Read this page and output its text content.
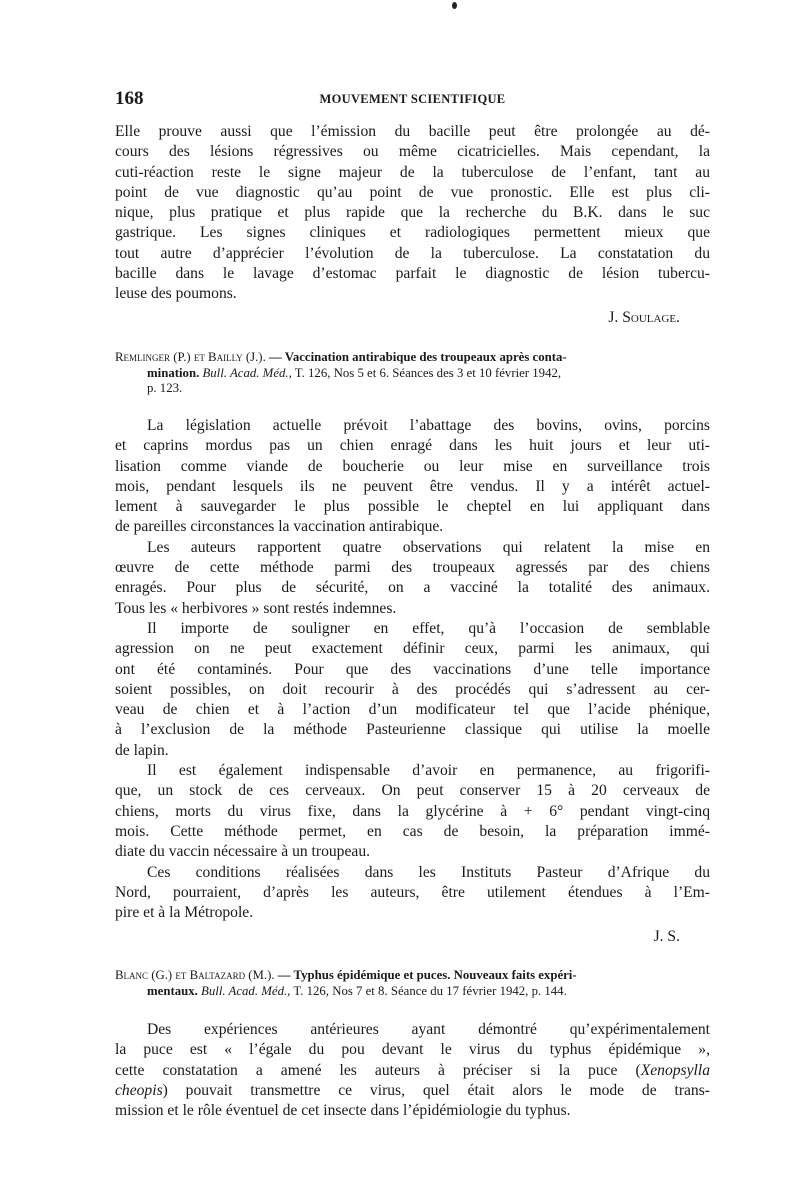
168	MOUVEMENT SCIENTIFIQUE
Elle prouve aussi que l’émission du bacille peut être prolongée au dé-
cours des lésions régressives ou même cicatricielles. Mais cependant, la
cuti-réaction reste le signe majeur de la tuberculose de l’enfant, tant au
point de vue diagnostic qu’au point de vue pronostic. Elle est plus cli-
nique, plus pratique et plus rapide que la recherche du B.K. dans le suc
gastrique. Les signes cliniques et radiologiques permettent mieux que
tout autre d’apprécier l’évolution de la tuberculose. La constatation du
bacille dans le lavage d’estomac parfait le diagnostic de lésion tubercu-
leuse des poumons.
J. Soulage.
Remlinger (P.) et Bailly (J.). — Vaccination antirabique des troupeaux après conta-
mination. Bull. Acad. Méd., T. 126, Nos 5 et 6. Séances des 3 et 10 février 1942,
p. 123.
La législation actuelle prévoit l’abattage des bovins, ovins, porcins
et caprins mordus pas un chien enragé dans les huit jours et leur uti-
lisation comme viande de boucherie ou leur mise en surveillance trois
mois, pendant lesquels ils ne peuvent être vendus. Il y a intérêt actuel-
lement à sauvegarder le plus possible le cheptel en lui appliquant dans
de pareilles circonstances la vaccination antirabique.
Les auteurs rapportent quatre observations qui relatent la mise en
œuvre de cette méthode parmi des troupeaux agressés par des chiens
enragés. Pour plus de sécurité, on a vacciné la totalité des animaux.
Tous les « herbivores » sont restés indemnes.
Il importe de souligner en effet, qu’à l’occasion de semblable
agression on ne peut exactement définir ceux, parmi les animaux, qui
ont été contaminés. Pour que des vaccinations d’une telle importance
soient possibles, on doit recourir à des procédés qui s’adressent au cer-
veau de chien et à l’action d’un modificateur tel que l’acide phénique,
à l’exclusion de la méthode Pasteurienne classique qui utilise la moelle
de lapin.
Il est également indispensable d’avoir en permanence, au frigorifi-
que, un stock de ces cerveaux. On peut conserver 15 à 20 cerveaux de
chiens, morts du virus fixe, dans la glycérine à + 6° pendant vingt-cinq
mois. Cette méthode permet, en cas de besoin, la préparation immé-
diate du vaccin nécessaire à un troupeau.
Ces conditions réalisées dans les Instituts Pasteur d’Afrique du
Nord, pourraient, d’après les auteurs, être utilement étendues à l’Em-
pire et à la Métropole.
J. S.
Blanc (G.) et Baltazard (M.). — Typhus épidémique et puces. Nouveaux faits expéri-
mentaux. Bull. Acad. Méd., T. 126, Nos 7 et 8. Séance du 17 février 1942, p. 144.
Des expériences antérieures ayant démontré qu’expérimentalement
la puce est « l’égale du pou devant le virus du typhus épidémique »,
cette constatation a amené les auteurs à préciser si la puce (Xenopsylla
cheopis) pouvait transmettre ce virus, quel était alors le mode de trans-
mission et le rôle éventuel de cet insecte dans l’épidémiologie du typhus.
